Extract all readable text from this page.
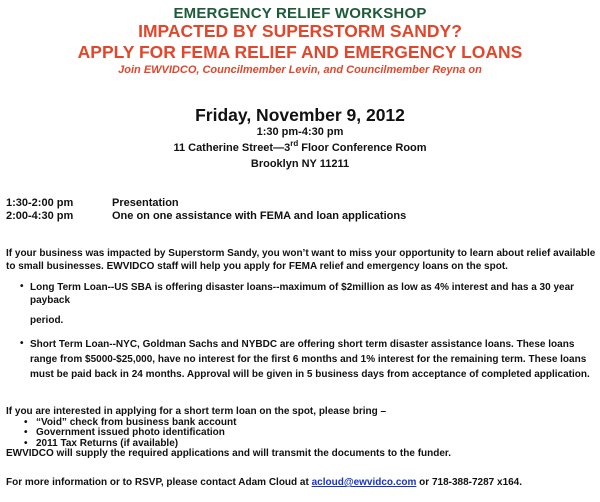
EMERGENCY RELIEF WORKSHOP
IMPACTED BY SUPERSTORM SANDY?
APPLY FOR FEMA RELIEF AND EMERGENCY LOANS
Join EWVIDCO, Councilmember Levin, and Councilmember Reyna on
Friday, November 9, 2012
1:30 pm-4:30 pm
11 Catherine Street—3rd Floor Conference Room
Brooklyn NY 11211
1:30-2:00 pm	Presentation
2:00-4:30 pm	One on one assistance with FEMA and loan applications
If your business was impacted by Superstorm Sandy, you won’t want to miss your opportunity to learn about relief available to small businesses. EWVIDCO staff will help you apply for FEMA relief and emergency loans on the spot.
• Long Term Loan--US SBA is offering disaster loans--maximum of $2million as low as 4% interest and has a 30 year payback
period.
• Short Term Loan--NYC, Goldman Sachs and NYBDC are offering short term disaster assistance loans. These loans range from $5000-$25,000, have no interest for the first 6 months and 1% interest for the remaining term. These loans must be paid back in 24 months. Approval will be given in 5 business days from acceptance of completed application.
If you are interested in applying for a short term loan on the spot, please bring –
• “Void” check from business bank account
• Government issued photo identification
• 2011 Tax Returns (if available)
EWVIDCO will supply the required applications and will transmit the documents to the funder.
For more information or to RSVP, please contact Adam Cloud at acloud@ewvidco.com or 718-388-7287 x164.
